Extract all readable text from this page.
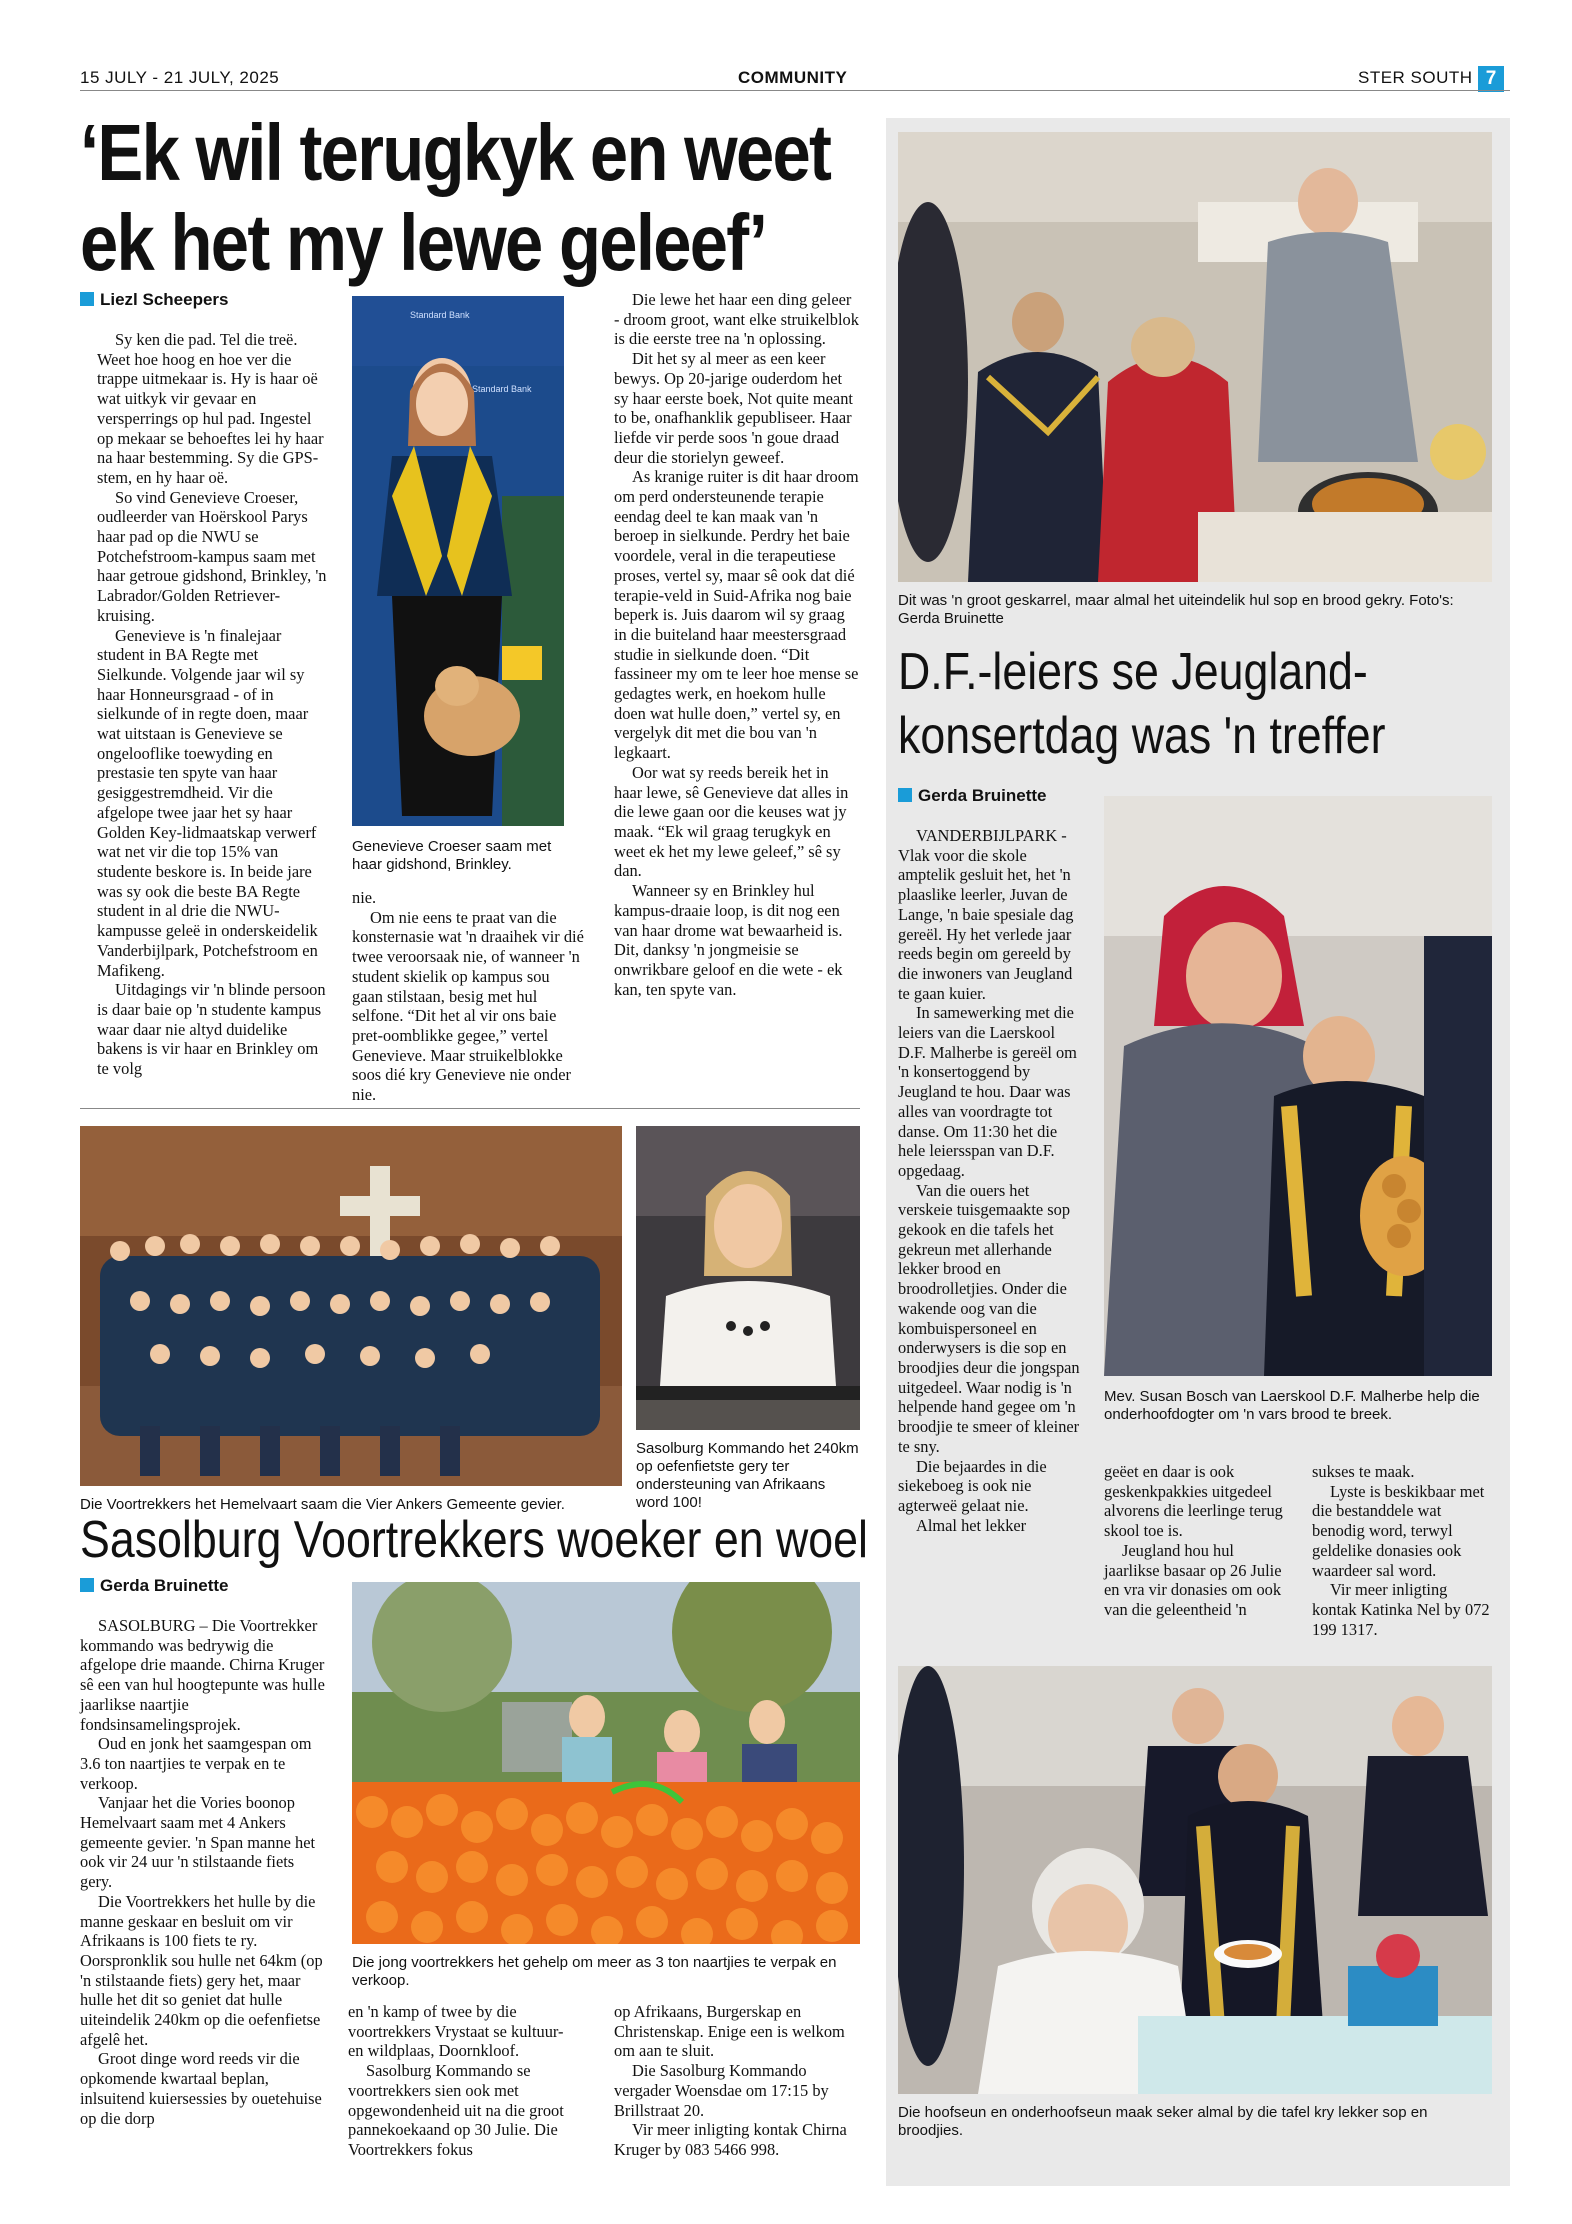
15 JULY - 21 JULY, 2025	COMMUNITY	STER SOUTH 7
‘Ek wil terugkyk en weet
ek het my lewe geleef’
Liezl Scheepers

Sy ken die pad. Tel die treë. Weet hoe hoog en hoe ver die trappe uitmekaar is. Hy is haar oë wat uitkyk vir gevaar en versperrings op hul pad. Ingestel op mekaar se behoeftes lei hy haar na haar bestemming. Sy die GPS-stem, en hy haar oë.

So vind Genevieve Croeser, oudleerder van Hoërskool Parys haar pad op die NWU se Potchefstroom-kampus saam met haar getroue gidshond, Brinkley, 'n Labrador/Golden Retriever-kruising.

Genevieve is 'n finalejaar student in BA Regte met Sielkunde. Volgende jaar wil sy haar Honneursgraad - of in sielkunde of in regte doen, maar wat uitstaan is Genevieve se ongelooflike toewyding en prestasie ten spyte van haar gesiggestremdheid. Vir die afgelope twee jaar het sy haar Golden Key-lidmaatskap verwerf wat net vir die top 15% van studente beskore is. In beide jare was sy ook die beste BA Regte student in al drie die NWU-kampusse geleë in onderskeidelik Vanderbijlpark, Potchefstroom en Mafikeng.

Uitdagings vir 'n blinde persoon is daar baie op 'n studente kampus waar daar nie altyd duidelike bakens is vir haar en Brinkley om te volg

Standard Bank
Standard Bank
Genevieve Croeser saam met haar gidshond, Brinkley.

nie.

Om nie eens te praat van die konsternasie wat 'n draaihek vir dié twee veroorsaak nie, of wanneer 'n student skielik op kampus sou gaan stilstaan, besig met hul selfone. “Dit het al vir ons baie pret-oomblikke gegee,” vertel Genevieve. Maar struikelblokke soos dié kry Genevieve nie onder nie.

Die lewe het haar een ding geleer - droom groot, want elke struikelblok is die eerste tree na 'n oplossing.

Dit het sy al meer as een keer bewys. Op 20-jarige ouderdom het sy haar eerste boek, Not quite meant to be, onafhanklik gepubliseer. Haar liefde vir perde soos 'n goue draad deur die storielyn geweef.

As kranige ruiter is dit haar droom om perd ondersteunende terapie eendag deel te kan maak van 'n beroep in sielkunde. Perdry het baie voordele, veral in die terapeutiese proses, vertel sy, maar sê ook dat dié terapie-veld in Suid-Afrika nog baie beperk is. Juis daarom wil sy graag in die buiteland haar meestersgraad studie in sielkunde doen. “Dit fassineer my om te leer hoe mense se gedagtes werk, en hoekom hulle doen wat hulle doen,” vertel sy, en vergelyk dit met die bou van 'n legkaart.

Oor wat sy reeds bereik het in haar lewe, sê Genevieve dat alles in die lewe gaan oor die keuses wat jy maak. “Ek wil graag terugkyk en weet ek het my lewe geleef,” sê sy dan.

Wanneer sy en Brinkley hul kampus-draaie loop, is dit nog een van haar drome wat bewaarheid is. Dit, danksy 'n jongmeisie se onwrikbare geloof en die wete - ek kan, ten spyte van.

Die Voortrekkers het Hemelvaart saam die Vier Ankers Gemeente gevier.
Sasolburg Kommando het 240km op oefenfietste gery ter ondersteuning van Afrikaans word 100!
Sasolburg Voortrekkers woeker en woel
Gerda Bruinette

SASOLBURG – Die Voortrekker kommando was bedrywig die afgelope drie maande. Chirna Kruger sê een van hul hoogtepunte was hulle jaarlikse naartjie fondsinsamelingsprojek.

Oud en jonk het saamgespan om 3.6 ton naartjies te verpak en te verkoop.

Vanjaar het die Vories boonop Hemelvaart saam met 4 Ankers gemeente gevier. 'n Span manne het ook vir 24 uur 'n stilstaande fiets gery.

Die Voortrekkers het hulle by die manne geskaar en besluit om vir Afrikaans is 100 fiets te ry. Oorspronklik sou hulle net 64km (op 'n stilstaande fiets) gery het, maar hulle het dit so geniet dat hulle uiteindelik 240km op die oefenfietse afgelê het.

Groot dinge word reeds vir die opkomende kwartaal beplan, inlsuitend kuiersessies by ouetehuise op die dorp

Die jong voortrekkers het gehelp om meer as 3 ton naartjies te verpak en verkoop.

en 'n kamp of twee by die voortrekkers Vrystaat se kultuur- en wildplaas, Doornkloof.

Sasolburg Kommando se voortrekkers sien ook met opgewondenheid uit na die groot pannekoekaand op 30 Julie. Die Voortrekkers fokus

op Afrikaans, Burgerskap en Christenskap. Enige een is welkom om aan te sluit.

Die Sasolburg Kommando vergader Woensdae om 17:15 by Brillstraat 20.

Vir meer inligting kontak Chirna Kruger by 083 5466 998.

Dit was 'n groot geskarrel, maar almal het uiteindelik hul sop en brood gekry. Foto's: Gerda Bruinette
D.F.-leiers se Jeugland-
konsertdag was 'n treffer
Gerda Bruinette

VANDERBIJLPARK - Vlak voor die skole amptelik gesluit het, het 'n plaaslike leerler, Juvan de Lange, 'n baie spesiale dag gereël. Hy het verlede jaar reeds begin om gereeld by die inwoners van Jeugland te gaan kuier.

In samewerking met die leiers van die Laerskool D.F. Malherbe is gereël om 'n konsertoggend by Jeugland te hou. Daar was alles van voordragte tot danse. Om 11:30 het die hele leiersspan van D.F. opgedaag.

Van die ouers het verskeie tuisgemaakte sop gekook en die tafels het gekreun met allerhande lekker brood en broodrolletjies. Onder die wakende oog van die kombuispersoneel en onderwysers is die sop en broodjies deur die jongspan uitgedeel. Waar nodig is 'n helpende hand gegee om 'n broodjie te smeer of kleiner te sny.

Die bejaardes in die siekeboeg is ook nie agterweë gelaat nie.

Almal het lekker

Mev. Susan Bosch van Laerskool D.F. Malherbe help die onderhoofdogter om 'n vars brood te breek.

geëet en daar is ook geskenkpakkies uitgedeel alvorens die leerlinge terug skool toe is.

Jeugland hou hul jaarlikse basaar op 26 Julie en vra vir donasies om ook van die geleentheid 'n

sukses te maak.

Lyste is beskikbaar met die bestanddele wat benodig word, terwyl geldelike donasies ook waardeer sal word.

Vir meer inligting kontak Katinka Nel by 072 199 1317.

Die hoofseun en onderhoofseun maak seker almal by die tafel kry lekker sop en broodjies.
